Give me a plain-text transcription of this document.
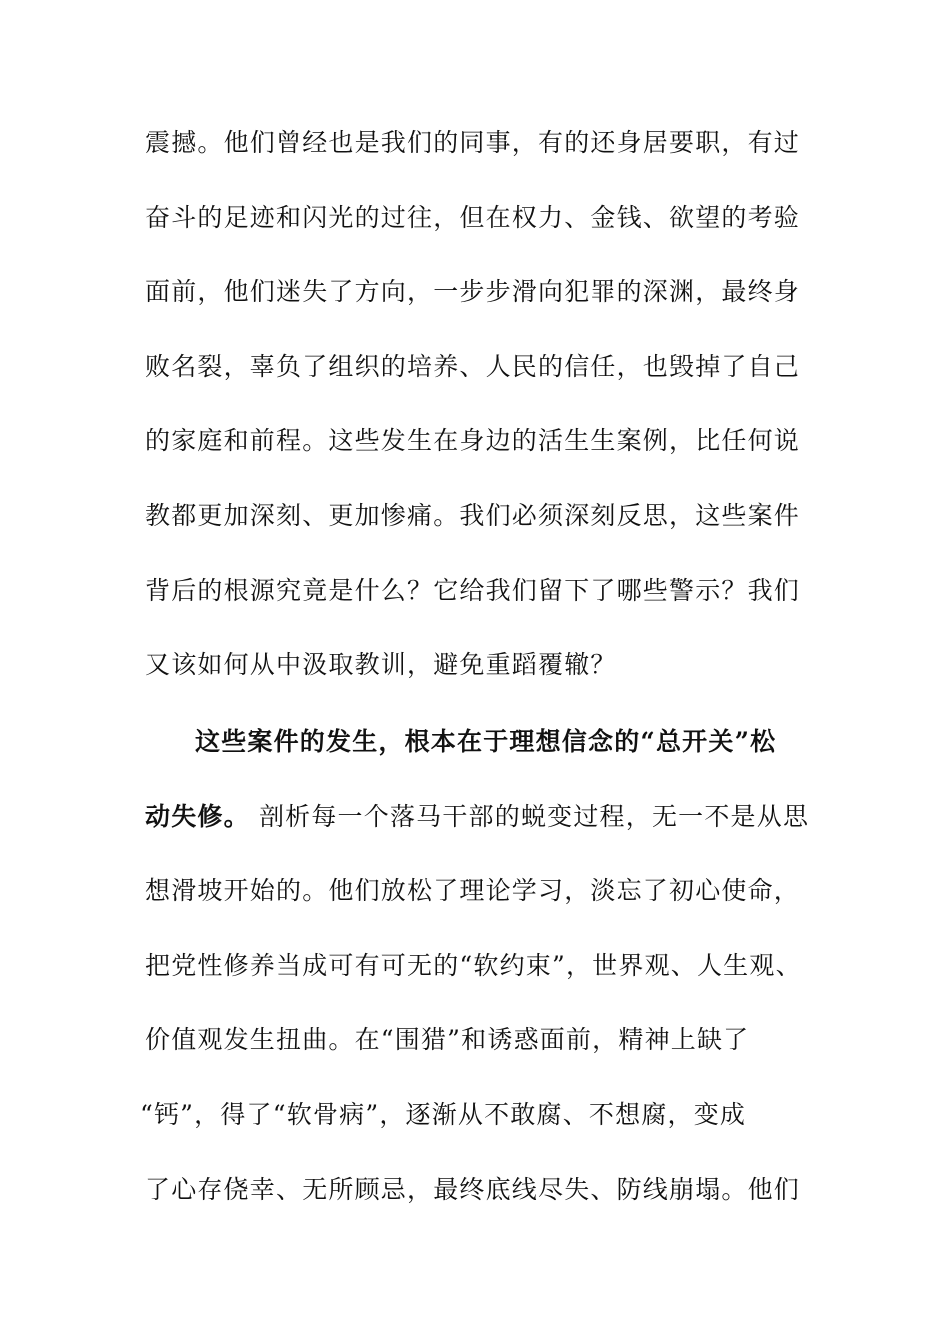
震撼。他们曾经也是我们的同事，有的还身居要职，有过
奋斗的足迹和闪光的过往，但在权力、金钱、欲望的考验
面前，他们迷失了方向，一步步滑向犯罪的深渊，最终身
败名裂，辜负了组织的培养、人民的信任，也毁掉了自己
的家庭和前程。这些发生在身边的活生生案例，比任何说
教都更加深刻、更加惨痛。我们必须深刻反思，这些案件
背后的根源究竟是什么？它给我们留下了哪些警示？我们
又该如何从中汲取教训，避免重蹈覆辙？
这些案件的发生，根本在于理想信念的“总开关”松
动失修。 剖析每一个落马干部的蜕变过程，无一不是从思
想滑坡开始的。他们放松了理论学习，淡忘了初心使命，
把党性修养当成可有可无的“软约束”，世界观、人生观、
价值观发生扭曲。在“围猎”和诱惑面前，精神上缺了
“钙”，得了“软骨病”，逐渐从不敢腐、不想腐，变成
了心存侥幸、无所顾忌，最终底线尽失、防线崩塌。他们
